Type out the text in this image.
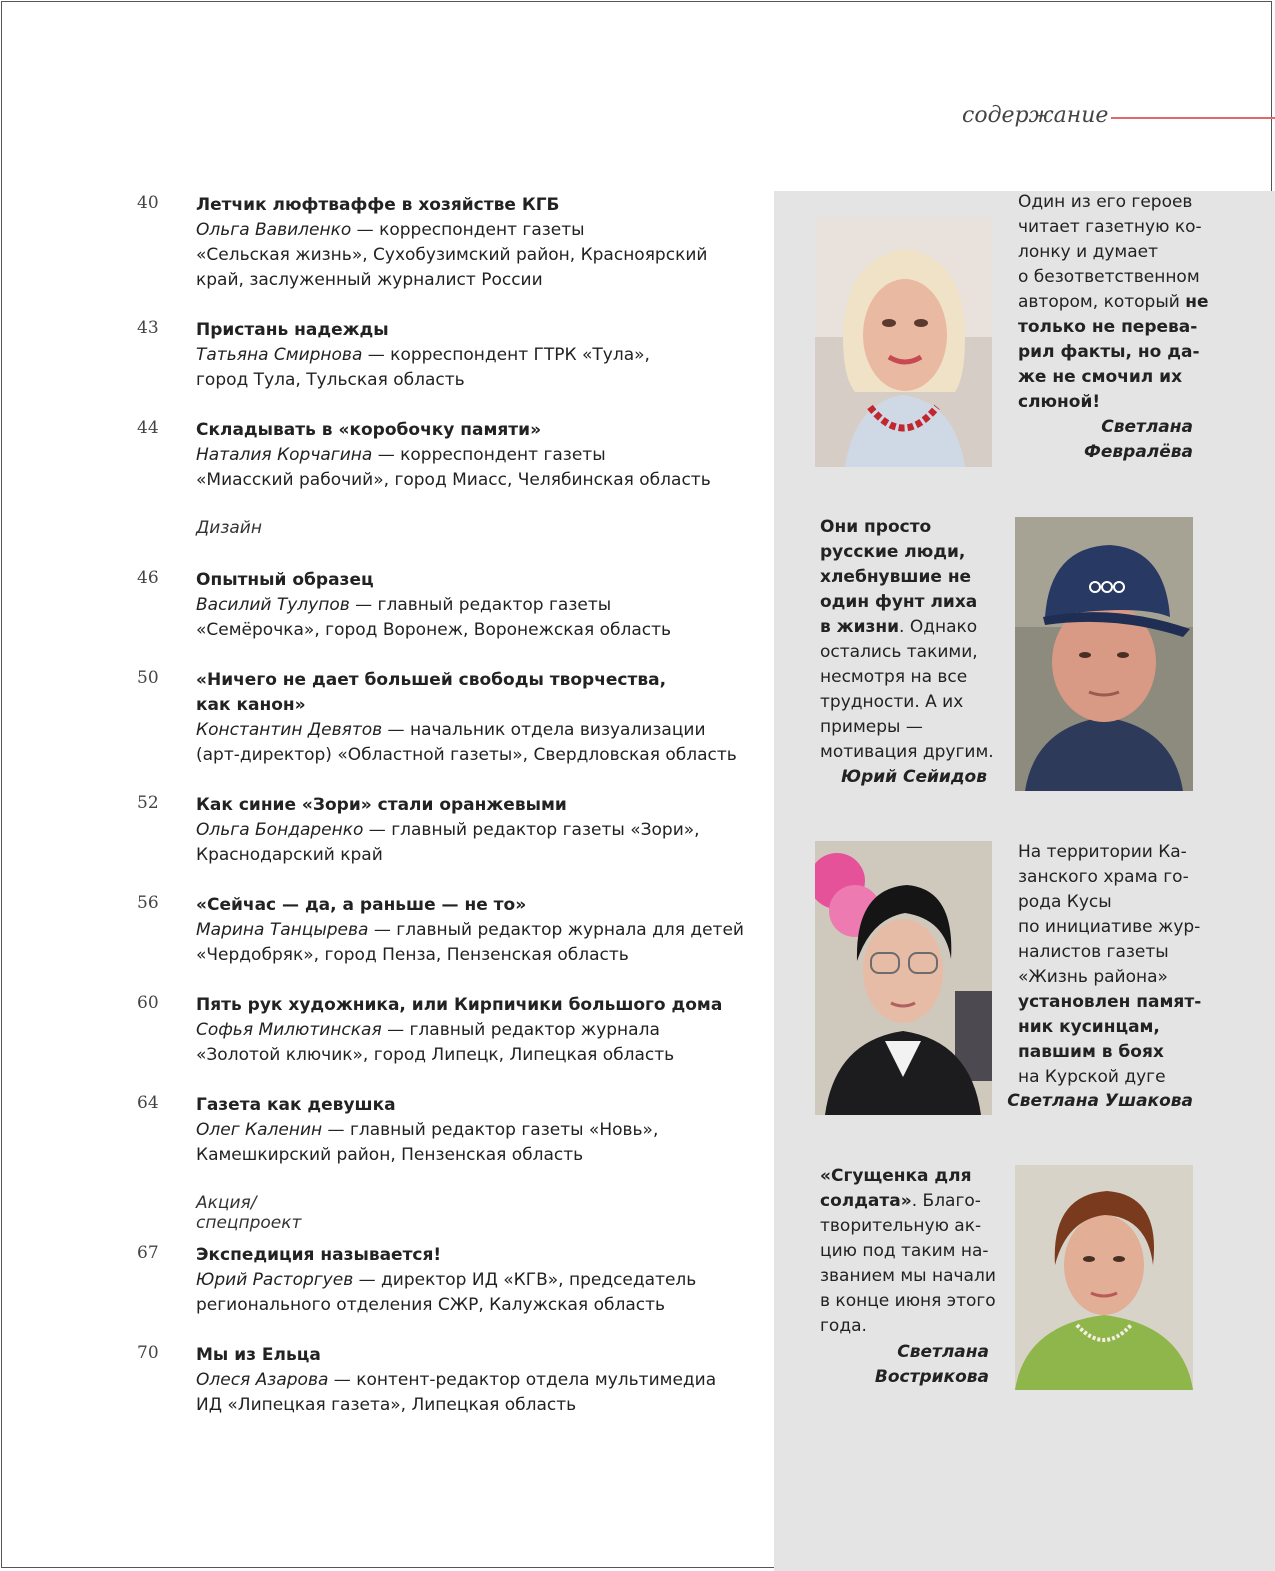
содержание
40 Летчик люфтваффе в хозяйстве КГБ
Ольга Вавиленко — корреспондент газеты
«Сельская жизнь», Сухобузимский район, Красноярский
край, заслуженный журналист России
43 Пристань надежды
Татьяна Смирнова — корреспондент ГТРК «Тула»,
город Тула, Тульская область
44 Складывать в «коробочку памяти»
Наталия Корчагина — корреспондент газеты
«Миасский рабочий», город Миасс, Челябинская область
Дизайн
46 Опытный образец
Василий Тулупов — главный редактор газеты
«Семёрочка», город Воронеж, Воронежская область
50 «Ничего не дает большей свободы творчества,
как канон»
Константин Девятов — начальник отдела визуализации
(арт-директор) «Областной газеты», Свердловская область
52 Как синие «Зори» стали оранжевыми
Ольга Бондаренко — главный редактор газеты «Зори»,
Краснодарский край
56 «Сейчас — да, а раньше — не то»
Марина Танцырева — главный редактор журнала для детей
«Чердобряк», город Пенза, Пензенская область
60 Пять рук художника, или Кирпичики большого дома
Софья Милютинская — главный редактор журнала
«Золотой ключик», город Липецк, Липецкая область
64 Газета как девушка
Олег Каленин — главный редактор газеты «Новь»,
Камешкирский район, Пензенская область
Акция/спецпроект
67 Экспедиция называется!
Юрий Расторгуев — директор ИД «КГВ», председатель
регионального отделения СЖР, Калужская область
70 Мы из Ельца
Олеся Азарова — контент-редактор отдела мультимедиа
ИД «Липецкая газета», Липецкая область
Один из его героев
читает газетную ко-
лонку и думает
о безответственном
автором, который не
только не перева-
рил факты, но да-
же не смочил их
слюной!
Светлана
Февралёва
Они просто
русские люди,
хлебнувшие не
один фунт лиха
в жизни. Однако
остались такими,
несмотря на все
трудности. А их
примеры —
мотивация другим.
Юрий Сейидов
На территории Ка-
занского храма го-
рода Кусы
по инициативе жур-
налистов газеты
«Жизнь района»
установлен памят-
ник кусинцам,
павшим в боях
на Курской дуге
Светлана Ушакова
«Сгущенка для
солдата». Благо-
творительную ак-
цию под таким на-
званием мы начали
в конце июня этого
года.
Светлана
Вострикова
